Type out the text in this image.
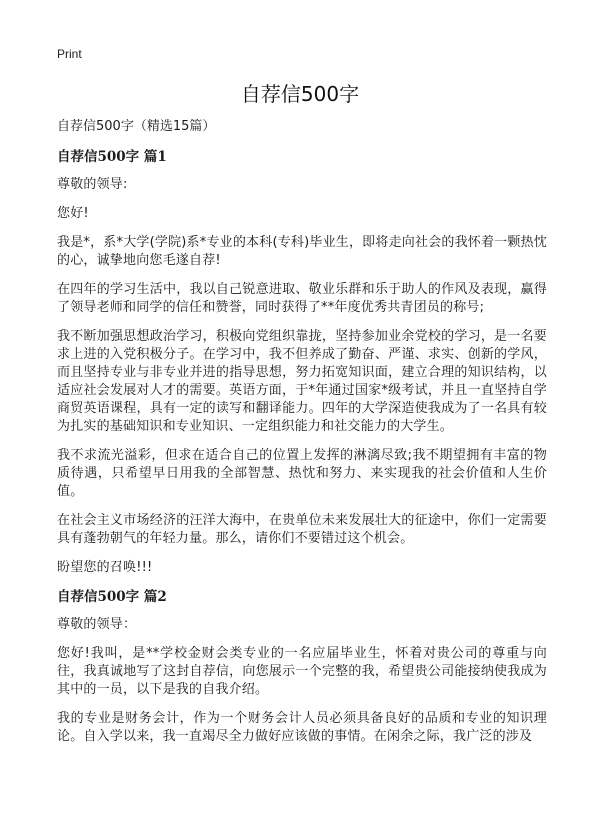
Print
自荐信500字

自荐信500字（精选15篇）

自荐信500字 篇1

尊敬的领导:

您好!

我是*，系*大学(学院)系*专业的本科(专科)毕业生，即将走向社会的我怀着一颗热忱的心，诚挚地向您毛遂自荐!

在四年的学习生活中，我以自己锐意进取、敬业乐群和乐于助人的作风及表现，赢得了领导老师和同学的信任和赞誉，同时获得了**年度优秀共青团员的称号;

我不断加强思想政治学习，积极向党组织靠拢，坚持参加业余党校的学习，是一名要求上进的入党积极分子。在学习中，我不但养成了勤奋、严谨、求实、创新的学风，而且坚持专业与非专业并进的指导思想，努力拓宽知识面，建立合理的知识结构，以适应社会发展对人才的需要。英语方面，于*年通过国家*级考试，并且一直坚持自学商贸英语课程，具有一定的读写和翻译能力。四年的大学深造使我成为了一名具有较为扎实的基础知识和专业知识、一定组织能力和社交能力的大学生。

我不求流光溢彩，但求在适合自己的位置上发挥的淋漓尽致;我不期望拥有丰富的物质待遇，只希望早日用我的全部智慧、热忱和努力、来实现我的社会价值和人生价值。

在社会主义市场经济的汪洋大海中，在贵单位未来发展壮大的征途中，你们一定需要具有蓬勃朝气的年轻力量。那么，请你们不要错过这个机会。

盼望您的召唤!!!

自荐信500字 篇2

尊敬的领导：

您好!我叫，是**学校金财会类专业的一名应届毕业生，怀着对贵公司的尊重与向往，我真诚地写了这封自荐信，向您展示一个完整的我，希望贵公司能接纳使我成为其中的一员，以下是我的自我介绍。

我的专业是财务会计，作为一个财务会计人员必须具备良好的品质和专业的知识理论。自入学以来，我一直竭尽全力做好应该做的事情。在闲余之际，我广泛的涉及
